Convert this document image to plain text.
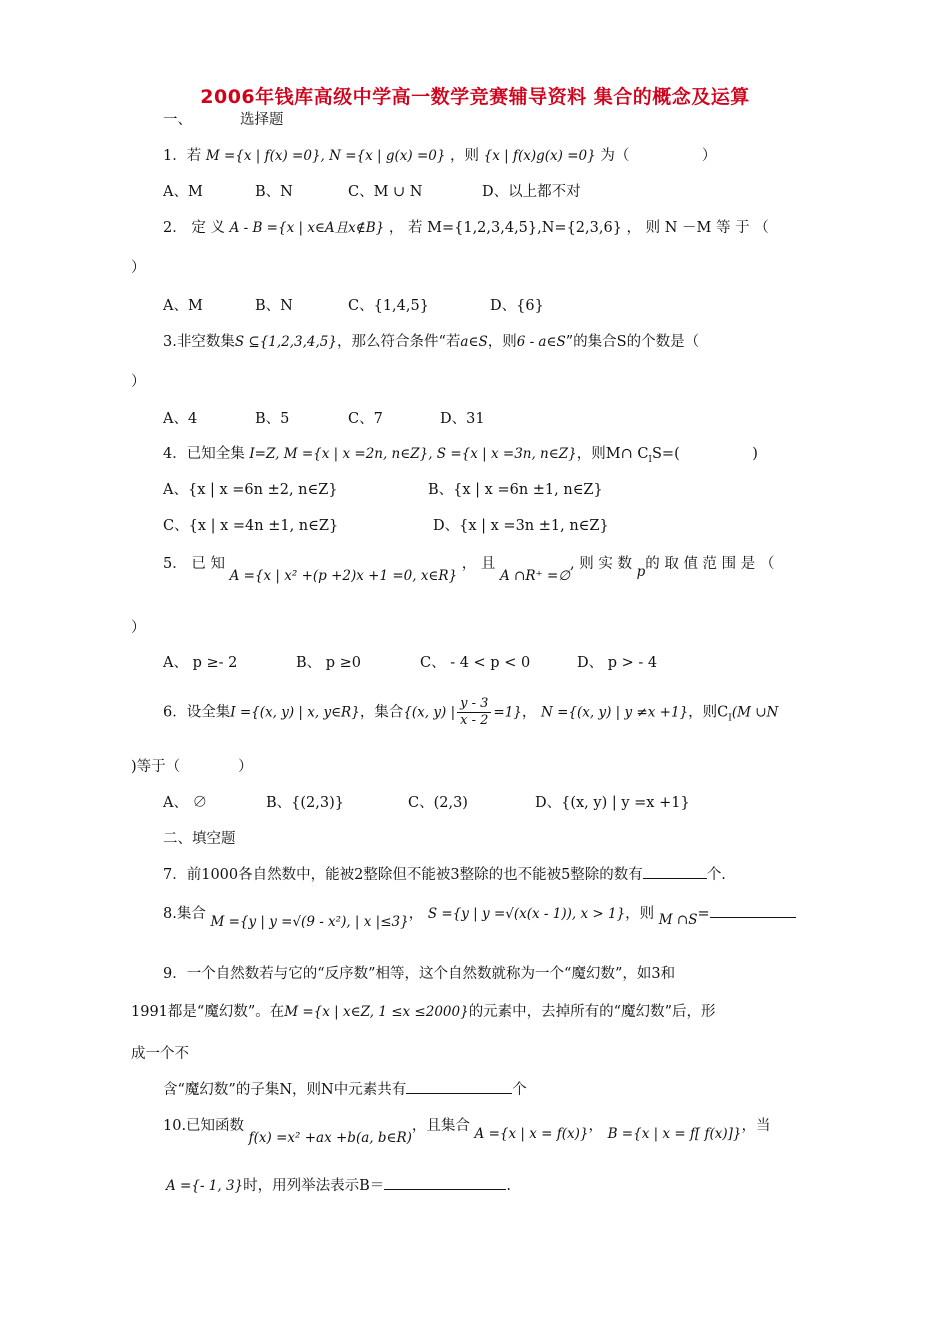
2006年钱库高级中学高一数学竞赛辅导资料 集合的概念及运算
一、	选择题
1．若 M ={x | f(x) =0}, N ={x | g(x) =0} ，则 {x | f(x)g(x) =0} 为（　　　　　）
A、M	B、N	C、M ∪ N	D、以上都不对
2． 定 义 A - B ={x | x∈A且x∉B} ， 若 M={1,2,3,4,5},N={2,3,6} ， 则 N －M 等 于 （
）
A、M	B、N	C、{1,4,5}	D、{6}
3.非空数集S ⊆{1,2,3,4,5}，那么符合条件“若a∈S，则6 - a∈S”的集合S的个数是（
）
A、4	B、5	C、7	D、31
4．已知全集 I=Z, M ={x | x =2n, n∈Z}, S ={x | x =3n, n∈Z}，则M∩ $C_IS=$(　　　　　)
A、{x | x =6n ±2, n∈Z}	B、{x | x =6n ±1, n∈Z}
C、{x | x =4n ±1, n∈Z}	D、{x | x =3n ±1, n∈Z}
5． 已 知 A ={x | x² +(p +2)x +1 =0, x∈R} ， 且 A ∩R⁺ =∅, 则 实 数 p的 取 值 范 围 是 （
）
A、 p ≥- 2	B、 p ≥0	C、 - 4 < p < 0	D、 p > - 4
6．设全集I ={(x, y) | x, y∈R}，集合{(x, y) | $\frac{y - 3}{x - 2} =1$}， N ={(x, y) | y ≠x +1}，则$C_I(M$ ∪N
)等于（　　　　）
A、 ∅	B、{(2,3)}	C、(2,3)	D、{(x, y) | y =x +1}
二、填空题
7．前1000各自然数中，能被2整除但不能被3整除的也不能被5整除的数有	个.
8.集合 M ={y | y =√(9 - x²), | x |≤3}， S ={y | y =√(x(x - 1)), x > 1}，则 M ∩S=
9．一个自然数若与它的“反序数”相等，这个自然数就称为一个“魔幻数”，如3和
1991都是“魔幻数”。在M ={x | x∈Z, 1 ≤x ≤2000}的元素中，去掉所有的“魔幻数”后，形
成一个不
含“魔幻数”的子集N，则N中元素共有	个
10.已知函数 f(x) =x² +ax +b(a, b∈R)，且集合 A ={x | x = f(x)}， B ={x | x = f[ f(x)]}，当
A ={- 1, 3}时，用列举法表示B＝	.
